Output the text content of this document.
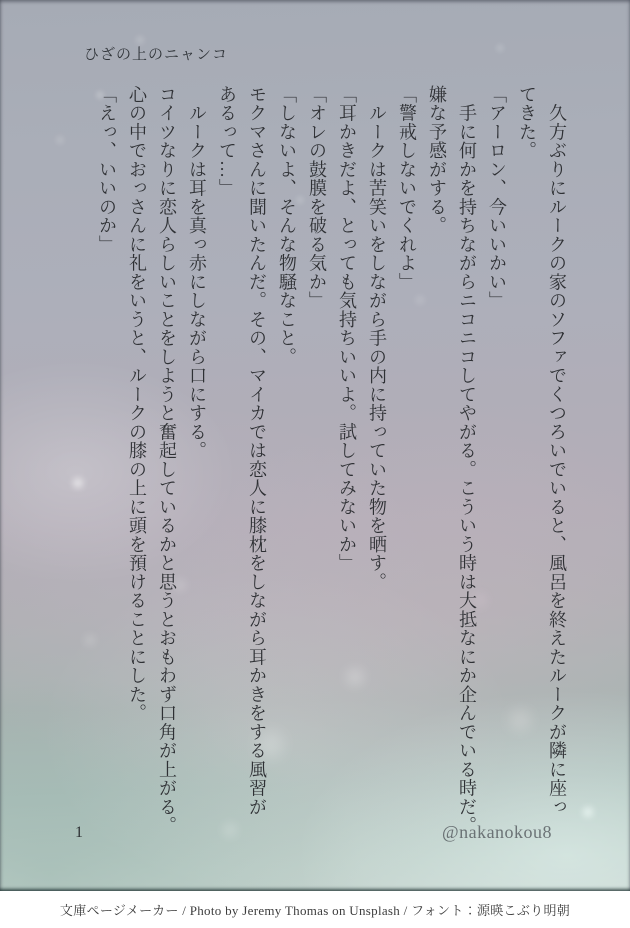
ひざの上のニャンコ

　久方ぶりにルークの家のソファでくつろいでいると、風呂を終えたルークが隣に座っ

てきた。

「アーロン、今いいかい」

　手に何かを持ちながらニコニコしてやがる。こういう時は大抵なにか企んでいる時だ。

嫌な予感がする。

「警戒しないでくれよ」

　ルークは苦笑いをしながら手の内に持っていた物を晒す。

「耳かきだよ、とっても気持ちいいよ。試してみないか」

「オレの鼓膜を破る気か」

「しないよ、そんな物騒なこと。

モクマさんに聞いたんだ。その、マイカでは恋人に膝枕をしながら耳かきをする風習が

あるって…」

　ルークは耳を真っ赤にしながら口にする。

コイツなりに恋人らしいことをしようと奮起しているかと思うとおもわず口角が上がる。

心の中でおっさんに礼をいうと、ルークの膝の上に頭を預けることにした。

「えっ、いいのか」

1	@nakanokou8
文庫ページメーカー / Photo by Jeremy Thomas on Unsplash / フォント：源暎こぶり明朝
